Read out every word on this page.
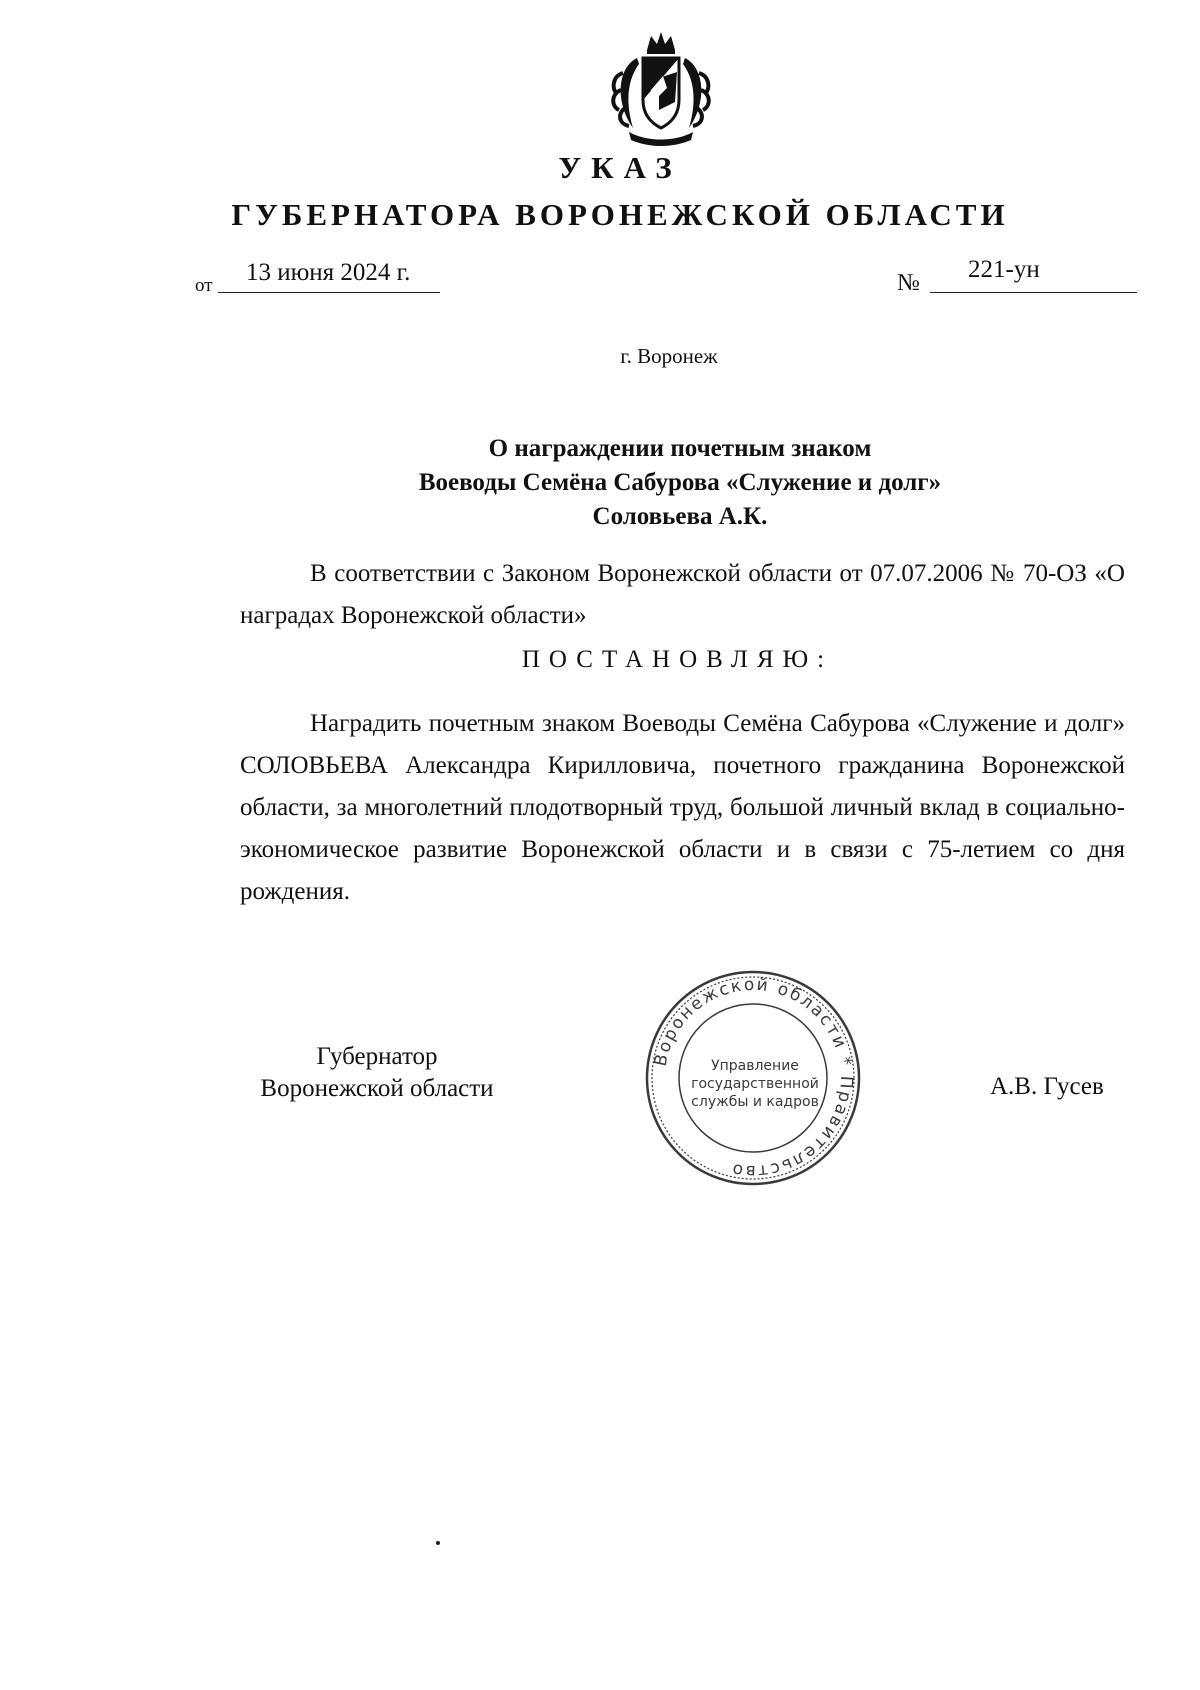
УКАЗ
ГУБЕРНАТОРА ВОРОНЕЖСКОЙ ОБЛАСТИ
от 13 июня 2024 г.	№ 221-ун
г. Воронеж
О награждении почетным знаком
Воеводы Семёна Сабурова «Служение и долг»
Соловьева А.К.
В соответствии с Законом Воронежской области от 07.07.2006 № 70-ОЗ «О наградах Воронежской области»
ПОСТАНОВЛЯЮ:
Наградить почетным знаком Воеводы Семёна Сабурова «Служение и долг» СОЛОВЬЕВА Александра Кирилловича, почетного гражданина Воронежской области, за многолетний плодотворный труд, большой личный вклад в социально-экономическое развитие Воронежской области и в связи с 75-летием со дня рождения.
Губернатор
Воронежской области	А.В. Гусев
Воронежской области * Правительство
Управление
государственной
службы и кадров
